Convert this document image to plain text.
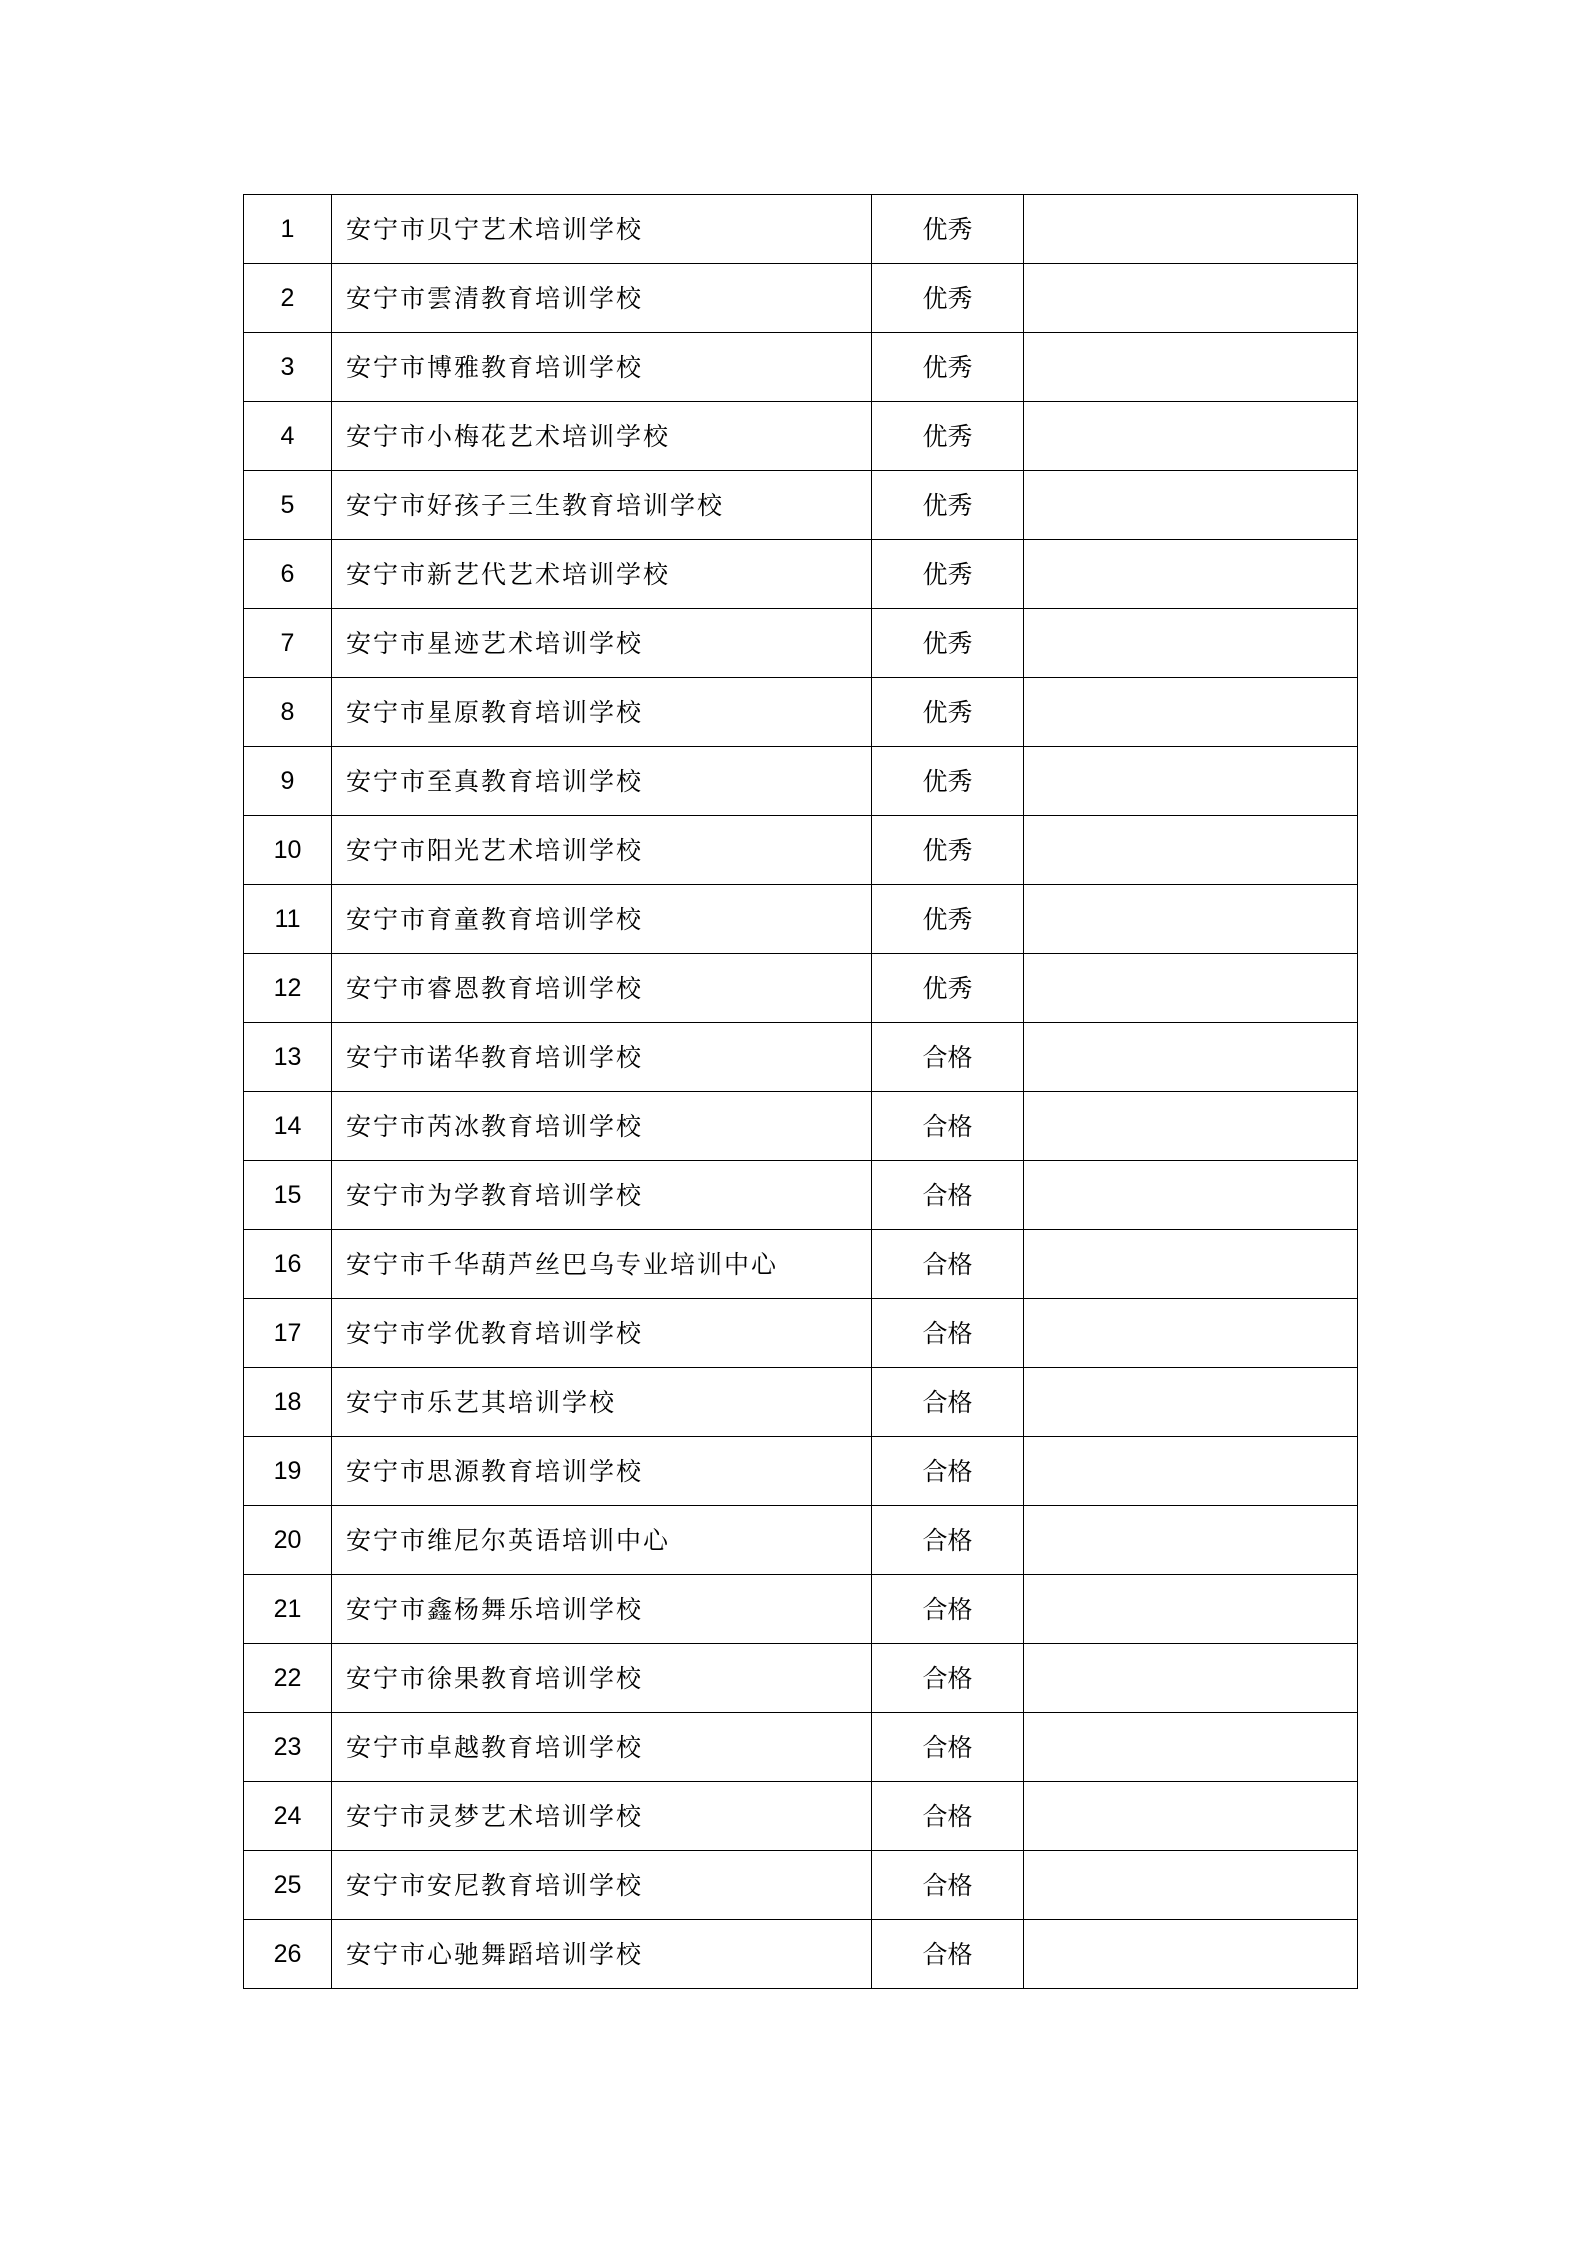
1	安宁市贝宁艺术培训学校	优秀	
2	安宁市雲清教育培训学校	优秀	
3	安宁市博雅教育培训学校	优秀	
4	安宁市小梅花艺术培训学校	优秀	
5	安宁市好孩子三生教育培训学校	优秀	
6	安宁市新艺代艺术培训学校	优秀	
7	安宁市星迹艺术培训学校	优秀	
8	安宁市星原教育培训学校	优秀	
9	安宁市至真教育培训学校	优秀	
10	安宁市阳光艺术培训学校	优秀	
11	安宁市育童教育培训学校	优秀	
12	安宁市睿恩教育培训学校	优秀	
13	安宁市诺华教育培训学校	合格	
14	安宁市芮冰教育培训学校	合格	
15	安宁市为学教育培训学校	合格	
16	安宁市千华葫芦丝巴乌专业培训中心	合格	
17	安宁市学优教育培训学校	合格	
18	安宁市乐艺其培训学校	合格	
19	安宁市思源教育培训学校	合格	
20	安宁市维尼尔英语培训中心	合格	
21	安宁市鑫杨舞乐培训学校	合格	
22	安宁市徐果教育培训学校	合格	
23	安宁市卓越教育培训学校	合格	
24	安宁市灵梦艺术培训学校	合格	
25	安宁市安尼教育培训学校	合格	
26	安宁市心驰舞蹈培训学校	合格	
